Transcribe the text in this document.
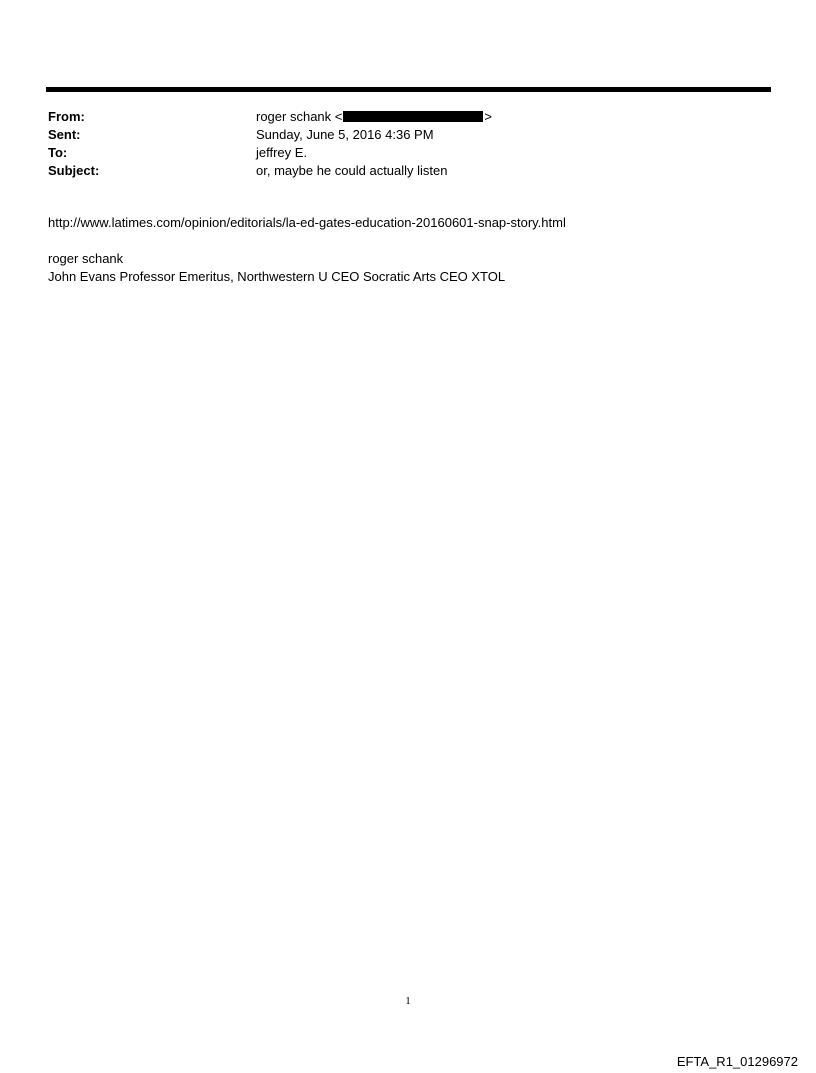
From:	roger schank <	>
Sent:	Sunday, June 5, 2016 4:36 PM
To:	jeffrey E.
Subject:	or, maybe he could actually listen

http://www.latimes.com/opinion/editorials/la-ed-gates-education-20160601-snap-story.html

roger schank
John Evans Professor Emeritus, Northwestern U CEO Socratic Arts CEO XTOL
1
EFTA_R1_01296972
